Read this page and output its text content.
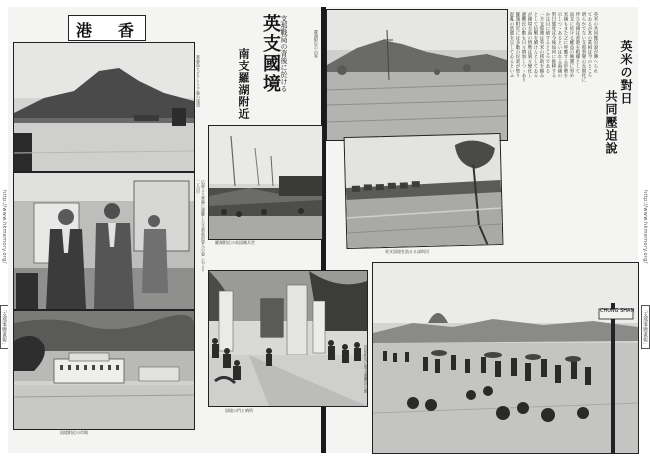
http://www.hkmemory.org/
「支那事變畫報」
http://www.hkmemory.org/
「支那事變畫報」
香
港
香港島とビクトリア港の遠望
広東より香港に避難した支那政府要人の姿（右より二人目）
国境附近の市場
支那戰局の背後に於ける
英支國境
南支羅湖附近
羅湖附近の英国側兵営
国境の門と哨所
羅湖附近の山容
英支国境を流るる深圳河
英米の共同壓迫說が傳へられ
てゐるが其の眞相は今のところ
明らかでない支那事變の長期化に
伴ひ英國は香港を根據として
南支に於ける權益の擁護に努め
米國もまた之に呼應する形勢を
示しつゝあるといはれる兩國の
對日態度は今後如何に推移する
か注目に値するところである
一方支那側は英米の援助を頼み
として抗戰を續けんとしてゐる
が國境方面の情勢は刻々變化し
避難民の數も日々増加しつゝあり
羅湖附近には多數の民衆が集り
混亂の狀態を呈してゐるといふ	英米の對日
共同壓迫說
CHUNG SHAN
国境附近に集る避難民の群
